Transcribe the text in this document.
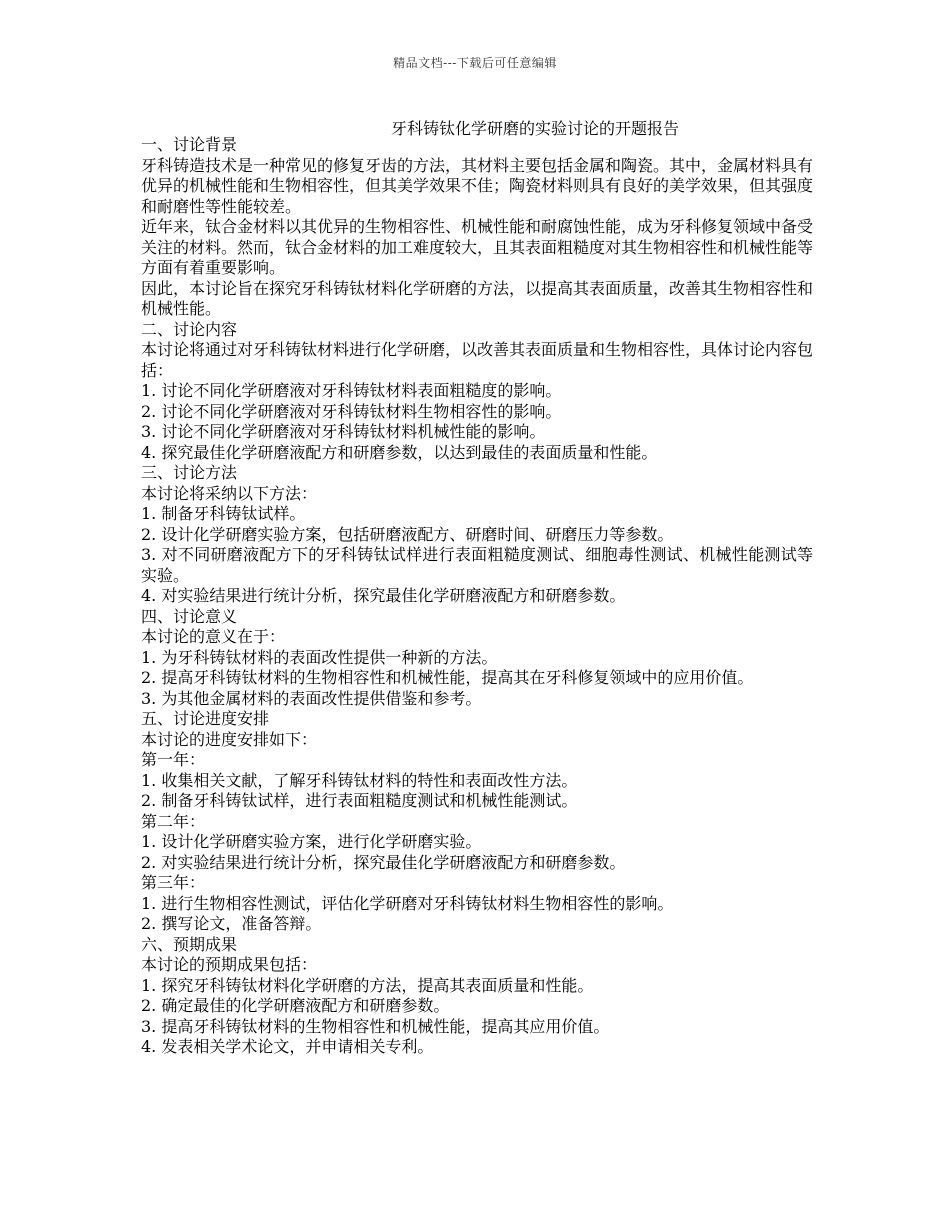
精品文档---下载后可任意编辑
牙科铸钛化学研磨的实验讨论的开题报告
一、讨论背景
牙科铸造技术是一种常见的修复牙齿的方法，其材料主要包括金属和陶瓷。其中，金属材料具有优异的机械性能和生物相容性，但其美学效果不佳；陶瓷材料则具有良好的美学效果，但其强度和耐磨性等性能较差。
近年来，钛合金材料以其优异的生物相容性、机械性能和耐腐蚀性能，成为牙科修复领域中备受关注的材料。然而，钛合金材料的加工难度较大，且其表面粗糙度对其生物相容性和机械性能等方面有着重要影响。
因此，本讨论旨在探究牙科铸钛材料化学研磨的方法，以提高其表面质量，改善其生物相容性和机械性能。
二、讨论内容
本讨论将通过对牙科铸钛材料进行化学研磨，以改善其表面质量和生物相容性，具体讨论内容包括：
1. 讨论不同化学研磨液对牙科铸钛材料表面粗糙度的影响。
2. 讨论不同化学研磨液对牙科铸钛材料生物相容性的影响。
3. 讨论不同化学研磨液对牙科铸钛材料机械性能的影响。
4. 探究最佳化学研磨液配方和研磨参数，以达到最佳的表面质量和性能。
三、讨论方法
本讨论将采纳以下方法：
1. 制备牙科铸钛试样。
2. 设计化学研磨实验方案，包括研磨液配方、研磨时间、研磨压力等参数。
3. 对不同研磨液配方下的牙科铸钛试样进行表面粗糙度测试、细胞毒性测试、机械性能测试等实验。
4. 对实验结果进行统计分析，探究最佳化学研磨液配方和研磨参数。
四、讨论意义
本讨论的意义在于：
1. 为牙科铸钛材料的表面改性提供一种新的方法。
2. 提高牙科铸钛材料的生物相容性和机械性能，提高其在牙科修复领域中的应用价值。
3. 为其他金属材料的表面改性提供借鉴和参考。
五、讨论进度安排
本讨论的进度安排如下：
第一年：
1. 收集相关文献，了解牙科铸钛材料的特性和表面改性方法。
2. 制备牙科铸钛试样，进行表面粗糙度测试和机械性能测试。
第二年：
1. 设计化学研磨实验方案，进行化学研磨实验。
2. 对实验结果进行统计分析，探究最佳化学研磨液配方和研磨参数。
第三年：
1. 进行生物相容性测试，评估化学研磨对牙科铸钛材料生物相容性的影响。
2. 撰写论文，准备答辩。
六、预期成果
本讨论的预期成果包括：
1. 探究牙科铸钛材料化学研磨的方法，提高其表面质量和性能。
2. 确定最佳的化学研磨液配方和研磨参数。
3. 提高牙科铸钛材料的生物相容性和机械性能，提高其应用价值。
4. 发表相关学术论文，并申请相关专利。
